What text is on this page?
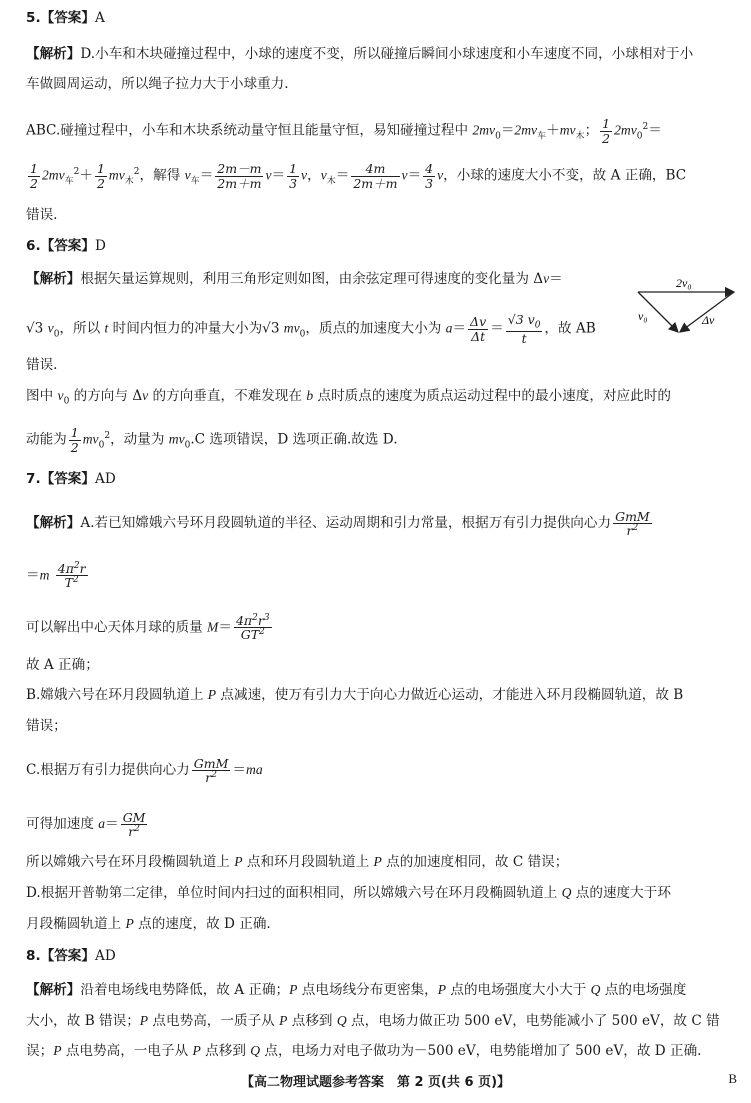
5.【答案】A
【解析】D.小车和木块碰撞过程中，小球的速度不变，所以碰撞后瞬间小球速度和小车速度不同，小球相对于小
车做圆周运动，所以绳子拉力大于小球重力.
ABC.碰撞过程中，小车和木块系统动量守恒且能量守恒，易知碰撞过程中 $2mv_0=2mv_车+mv_木$； $\frac{1}{2} 2mv_0^2=$
$\frac{1}{2} 2mv_车^2+ \frac{1}{2} mv_木^2$，解得 $v_车= \frac{2m-m}{2m+m} v= \frac{1}{3}$ v，$v_木= \frac{4m}{2m+m} v= \frac{4}{3}$ v，小球的速度大小不变，故 A 正确，BC
错误.
6.【答案】D
【解析】根据矢量运算规则，利用三角形定则如图，由余弦定理可得速度的变化量为 Δv＝
√3 $v_0$，所以 t 时间内恒力的冲量大小为√3 $mv_0$，质点的加速度大小为 $a= \frac{\Delta v}{\Delta t} = \frac{√3 v_0}{t}$ ，故 AB
2v₀
v₀	Δv
错误.
图中 $v_0$ 的方向与 Δv 的方向垂直，不难发现在 b 点时质点的速度为质点运动过程中的最小速度，对应此时的
动能为 $\frac{1}{2} mv_0^2$，动量为 $mv_0.C$ 选项错误，D 选项正确.故选 D.
7.【答案】AD
【解析】A.若已知嫦娥六号环月段圆轨道的半径、运动周期和引力常量，根据万有引力提供向心力 $\frac{\text{GmM}}{r^2}$
$=m \frac{4\pi^2r}{T^2}$
可以解出中心天体月球的质量 $M= \frac{4\pi^2r^3}{GT^2}$
故 A 正确；
B.嫦娥六号在环月段圆轨道上 P 点减速，使万有引力大于向心力做近心运动，才能进入环月段椭圆轨道，故 B
错误；
C.根据万有引力提供向心力 $\frac{\text{GmM}}{r^2} =ma$
可得加速度 $a= \frac{GM}{r^2}$
所以嫦娥六号在环月段椭圆轨道上 P 点和环月段圆轨道上 P 点的加速度相同，故 C 错误；
D.根据开普勒第二定律，单位时间内扫过的面积相同，所以嫦娥六号在环月段椭圆轨道上 Q 点的速度大于环
月段椭圆轨道上 P 点的速度，故 D 正确.
8.【答案】AD
【解析】沿着电场线电势降低，故 A 正确；P 点电场线分布更密集，P 点的电场强度大小大于 Q 点的电场强度
大小，故 B 错误；P 点电势高，一质子从 P 点移到 Q 点，电场力做正功 500 eV，电势能减小了 500 eV，故 C 错
误；P 点电势高，一电子从 P 点移到 Q 点，电场力对电子做功为－500 eV，电势能增加了 500 eV，故 D 正确.
【高二物理试题参考答案　第 2 页(共 6 页)】	B
